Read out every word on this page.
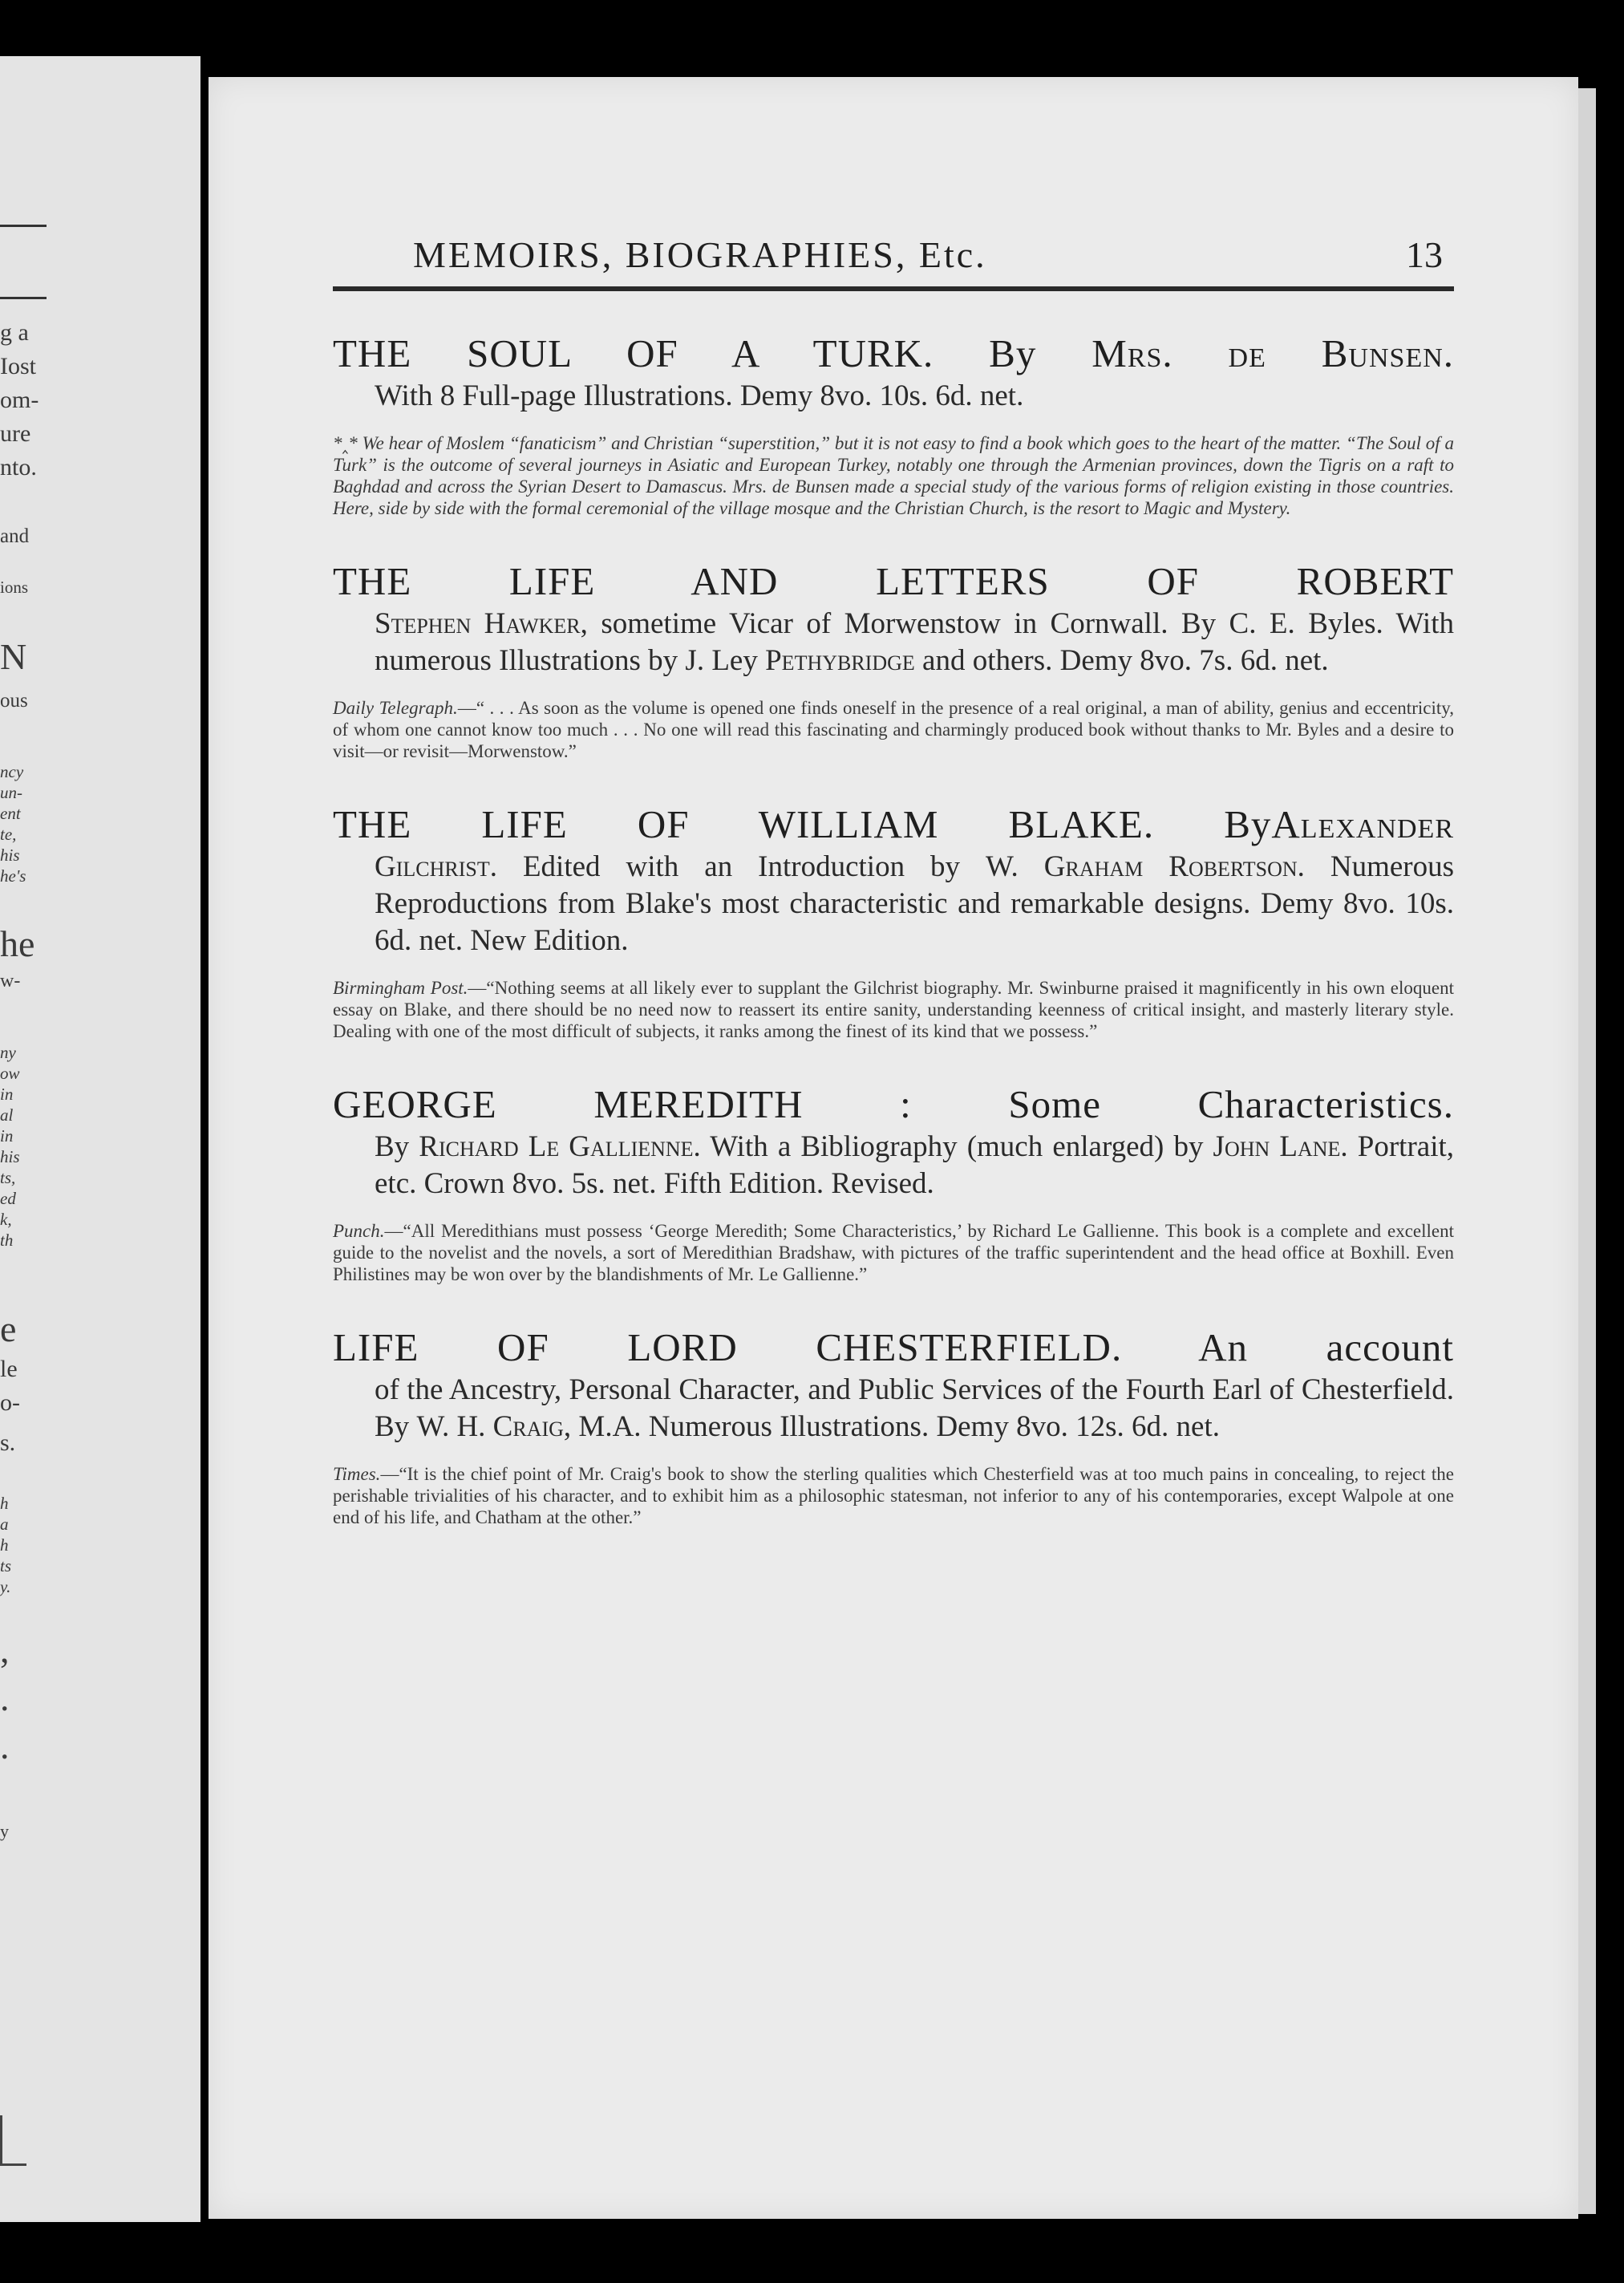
g a
Iost
om-
ure
nto.
and
ions
N
ous
ncy
un-
ent
te,
his
he's
he
w-
ny
ow
in
al
in
his
ts,
ed
k,
th
e
le
o-
s.
h
a
h
ts
y.
,
.
.
y
MEMOIRS, BIOGRAPHIES, Etc.	13
THE SOUL OF A TURK. By Mrs. de Bunsen.
With 8 Full-page Illustrations. Demy 8vo. 10s. 6d. net.
*‸* We hear of Moslem “fanaticism” and Christian “superstition,” but it is not easy to find a book which goes to the heart of the matter. “The Soul of a Turk” is the outcome of several journeys in Asiatic and European Turkey, notably one through the Armenian provinces, down the Tigris on a raft to Baghdad and across the Syrian Desert to Damascus. Mrs. de Bunsen made a special study of the various forms of religion existing in those countries. Here, side by side with the formal ceremonial of the village mosque and the Christian Church, is the resort to Magic and Mystery.
THE LIFE AND LETTERS OF ROBERT
Stephen Hawker, sometime Vicar of Morwenstow in Cornwall. By C. E. Byles. With numerous Illustrations by J. Ley Pethybridge and others. Demy 8vo. 7s. 6d. net.
Daily Telegraph.—“ . . . As soon as the volume is opened one finds oneself in the presence of a real original, a man of ability, genius and eccentricity, of whom one cannot know too much . . . No one will read this fascinating and charmingly produced book without thanks to Mr. Byles and a desire to visit—or revisit—Morwenstow.”
THE LIFE OF WILLIAM BLAKE. ByAlexander
Gilchrist. Edited with an Introduction by W. Graham Robertson. Numerous Reproductions from Blake's most characteristic and remarkable designs. Demy 8vo. 10s. 6d. net. New Edition.
Birmingham Post.—“Nothing seems at all likely ever to supplant the Gilchrist biography. Mr. Swinburne praised it magnificently in his own eloquent essay on Blake, and there should be no need now to reassert its entire sanity, understanding keenness of critical insight, and masterly literary style. Dealing with one of the most difficult of subjects, it ranks among the finest of its kind that we possess.”
GEORGE MEREDITH : Some Characteristics.
By Richard Le Gallienne. With a Bibliography (much enlarged) by John Lane. Portrait, etc. Crown 8vo. 5s. net. Fifth Edition. Revised.
Punch.—“All Meredithians must possess ‘George Meredith; Some Characteristics,’ by Richard Le Gallienne. This book is a complete and excellent guide to the novelist and the novels, a sort of Meredithian Bradshaw, with pictures of the traffic superintendent and the head office at Boxhill. Even Philistines may be won over by the blandishments of Mr. Le Gallienne.”
LIFE OF LORD CHESTERFIELD. An account
of the Ancestry, Personal Character, and Public Services of the Fourth Earl of Chesterfield. By W. H. Craig, M.A. Numerous Illustrations. Demy 8vo. 12s. 6d. net.
Times.—“It is the chief point of Mr. Craig's book to show the sterling qualities which Chesterfield was at too much pains in concealing, to reject the perishable trivialities of his character, and to exhibit him as a philosophic statesman, not inferior to any of his contemporaries, except Walpole at one end of his life, and Chatham at the other.”
